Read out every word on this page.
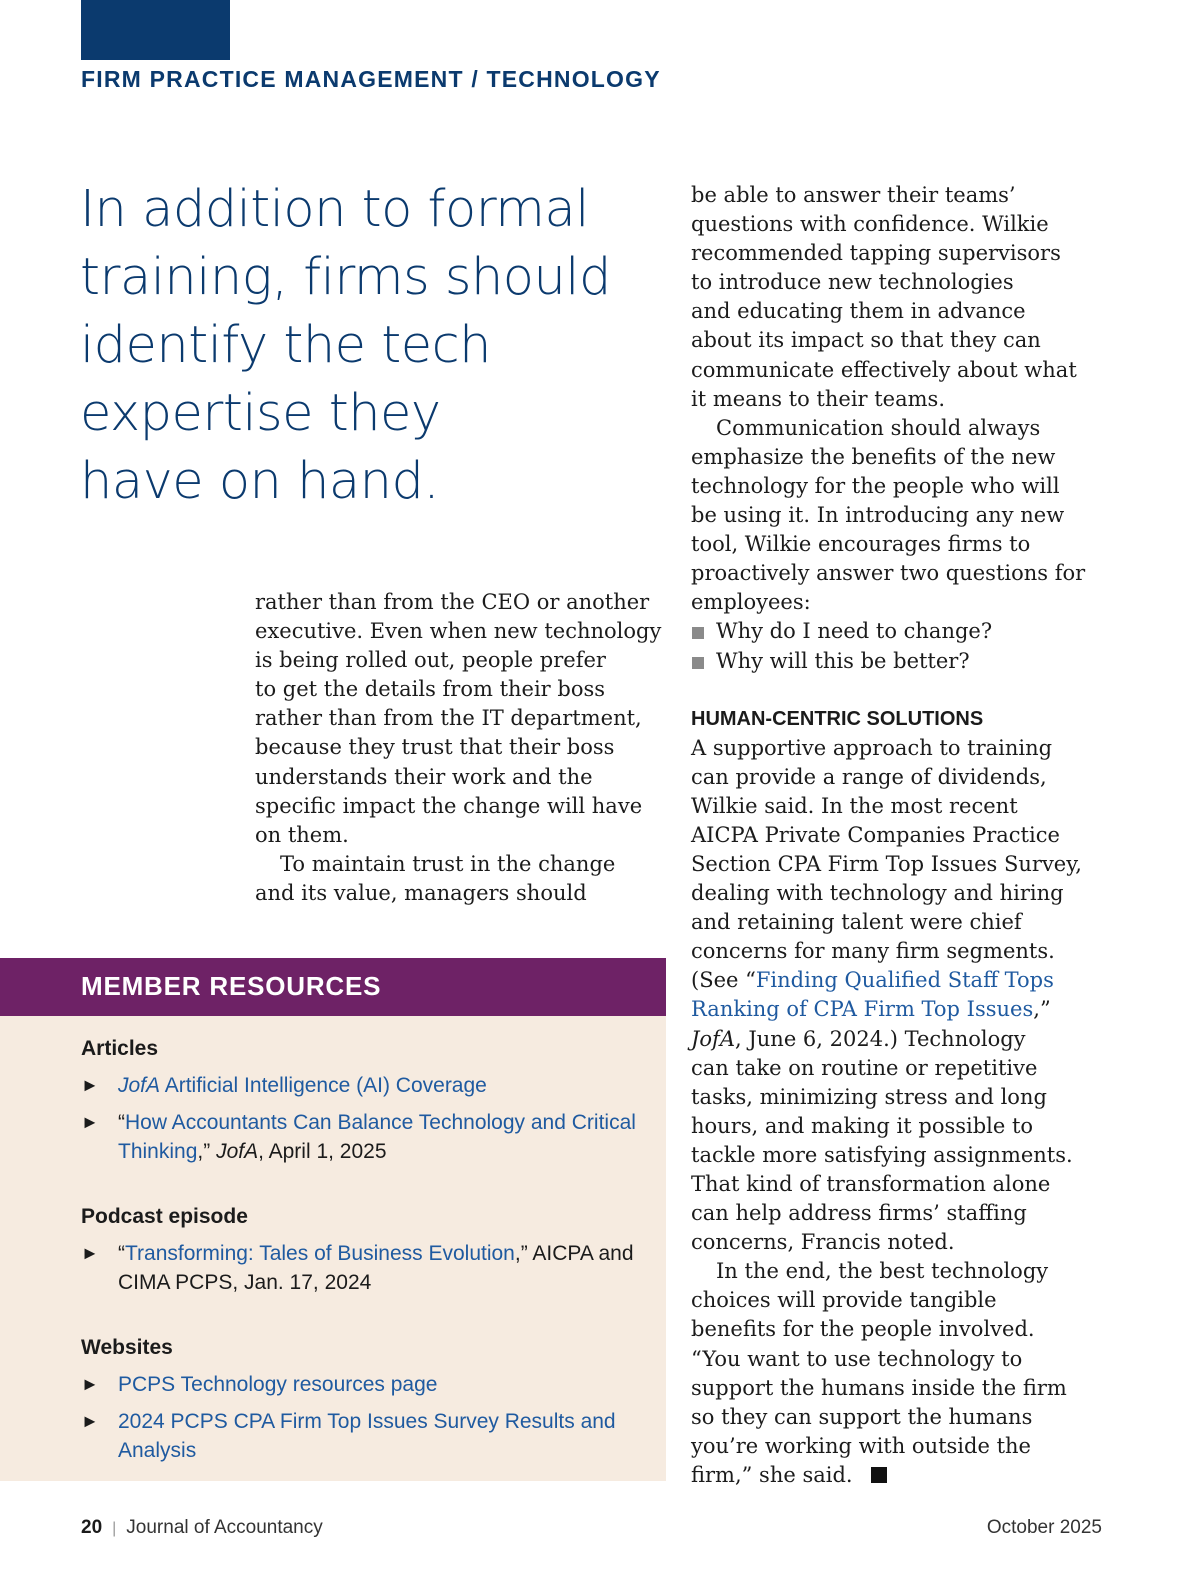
FIRM PRACTICE MANAGEMENT / TECHNOLOGY
In addition to formal
training, firms should
identify the tech
expertise they
have on hand.
rather than from the CEO or another
executive. Even when new technology
is being rolled out, people prefer
to get the details from their boss
rather than from the IT department,
because they trust that their boss
understands their work and the
specific impact the change will have
on them.
To maintain trust in the change
and its value, managers should
be able to answer their teams’
questions with confidence. Wilkie
recommended tapping supervisors
to introduce new technologies
and educating them in advance
about its impact so that they can
communicate effectively about what
it means to their teams.
Communication should always
emphasize the benefits of the new
technology for the people who will
be using it. In introducing any new
tool, Wilkie encourages firms to
proactively answer two questions for
employees:
Why do I need to change?
Why will this be better?
HUMAN-CENTRIC SOLUTIONS
A supportive approach to training
can provide a range of dividends,
Wilkie said. In the most recent
AICPA Private Companies Practice
Section CPA Firm Top Issues Survey,
dealing with technology and hiring
and retaining talent were chief
concerns for many firm segments.
(See “Finding Qualified Staff Tops
Ranking of CPA Firm Top Issues,”
JofA, June 6, 2024.) Technology
can take on routine or repetitive
tasks, minimizing stress and long
hours, and making it possible to
tackle more satisfying assignments.
That kind of transformation alone
can help address firms’ staffing
concerns, Francis noted.
In the end, the best technology
choices will provide tangible
benefits for the people involved.
“You want to use technology to
support the humans inside the firm
so they can support the humans
you’re working with outside the
firm,” she said.
MEMBER RESOURCES
Articles
► JofA Artificial Intelligence (AI) Coverage
► “How Accountants Can Balance Technology and Critical
Thinking,” JofA, April 1, 2025
Podcast episode
► “Transforming: Tales of Business Evolution,” AICPA and
CIMA PCPS, Jan. 17, 2024
Websites
► PCPS Technology resources page
► 2024 PCPS CPA Firm Top Issues Survey Results and
Analysis
20 | Journal of Accountancy	October 2025
